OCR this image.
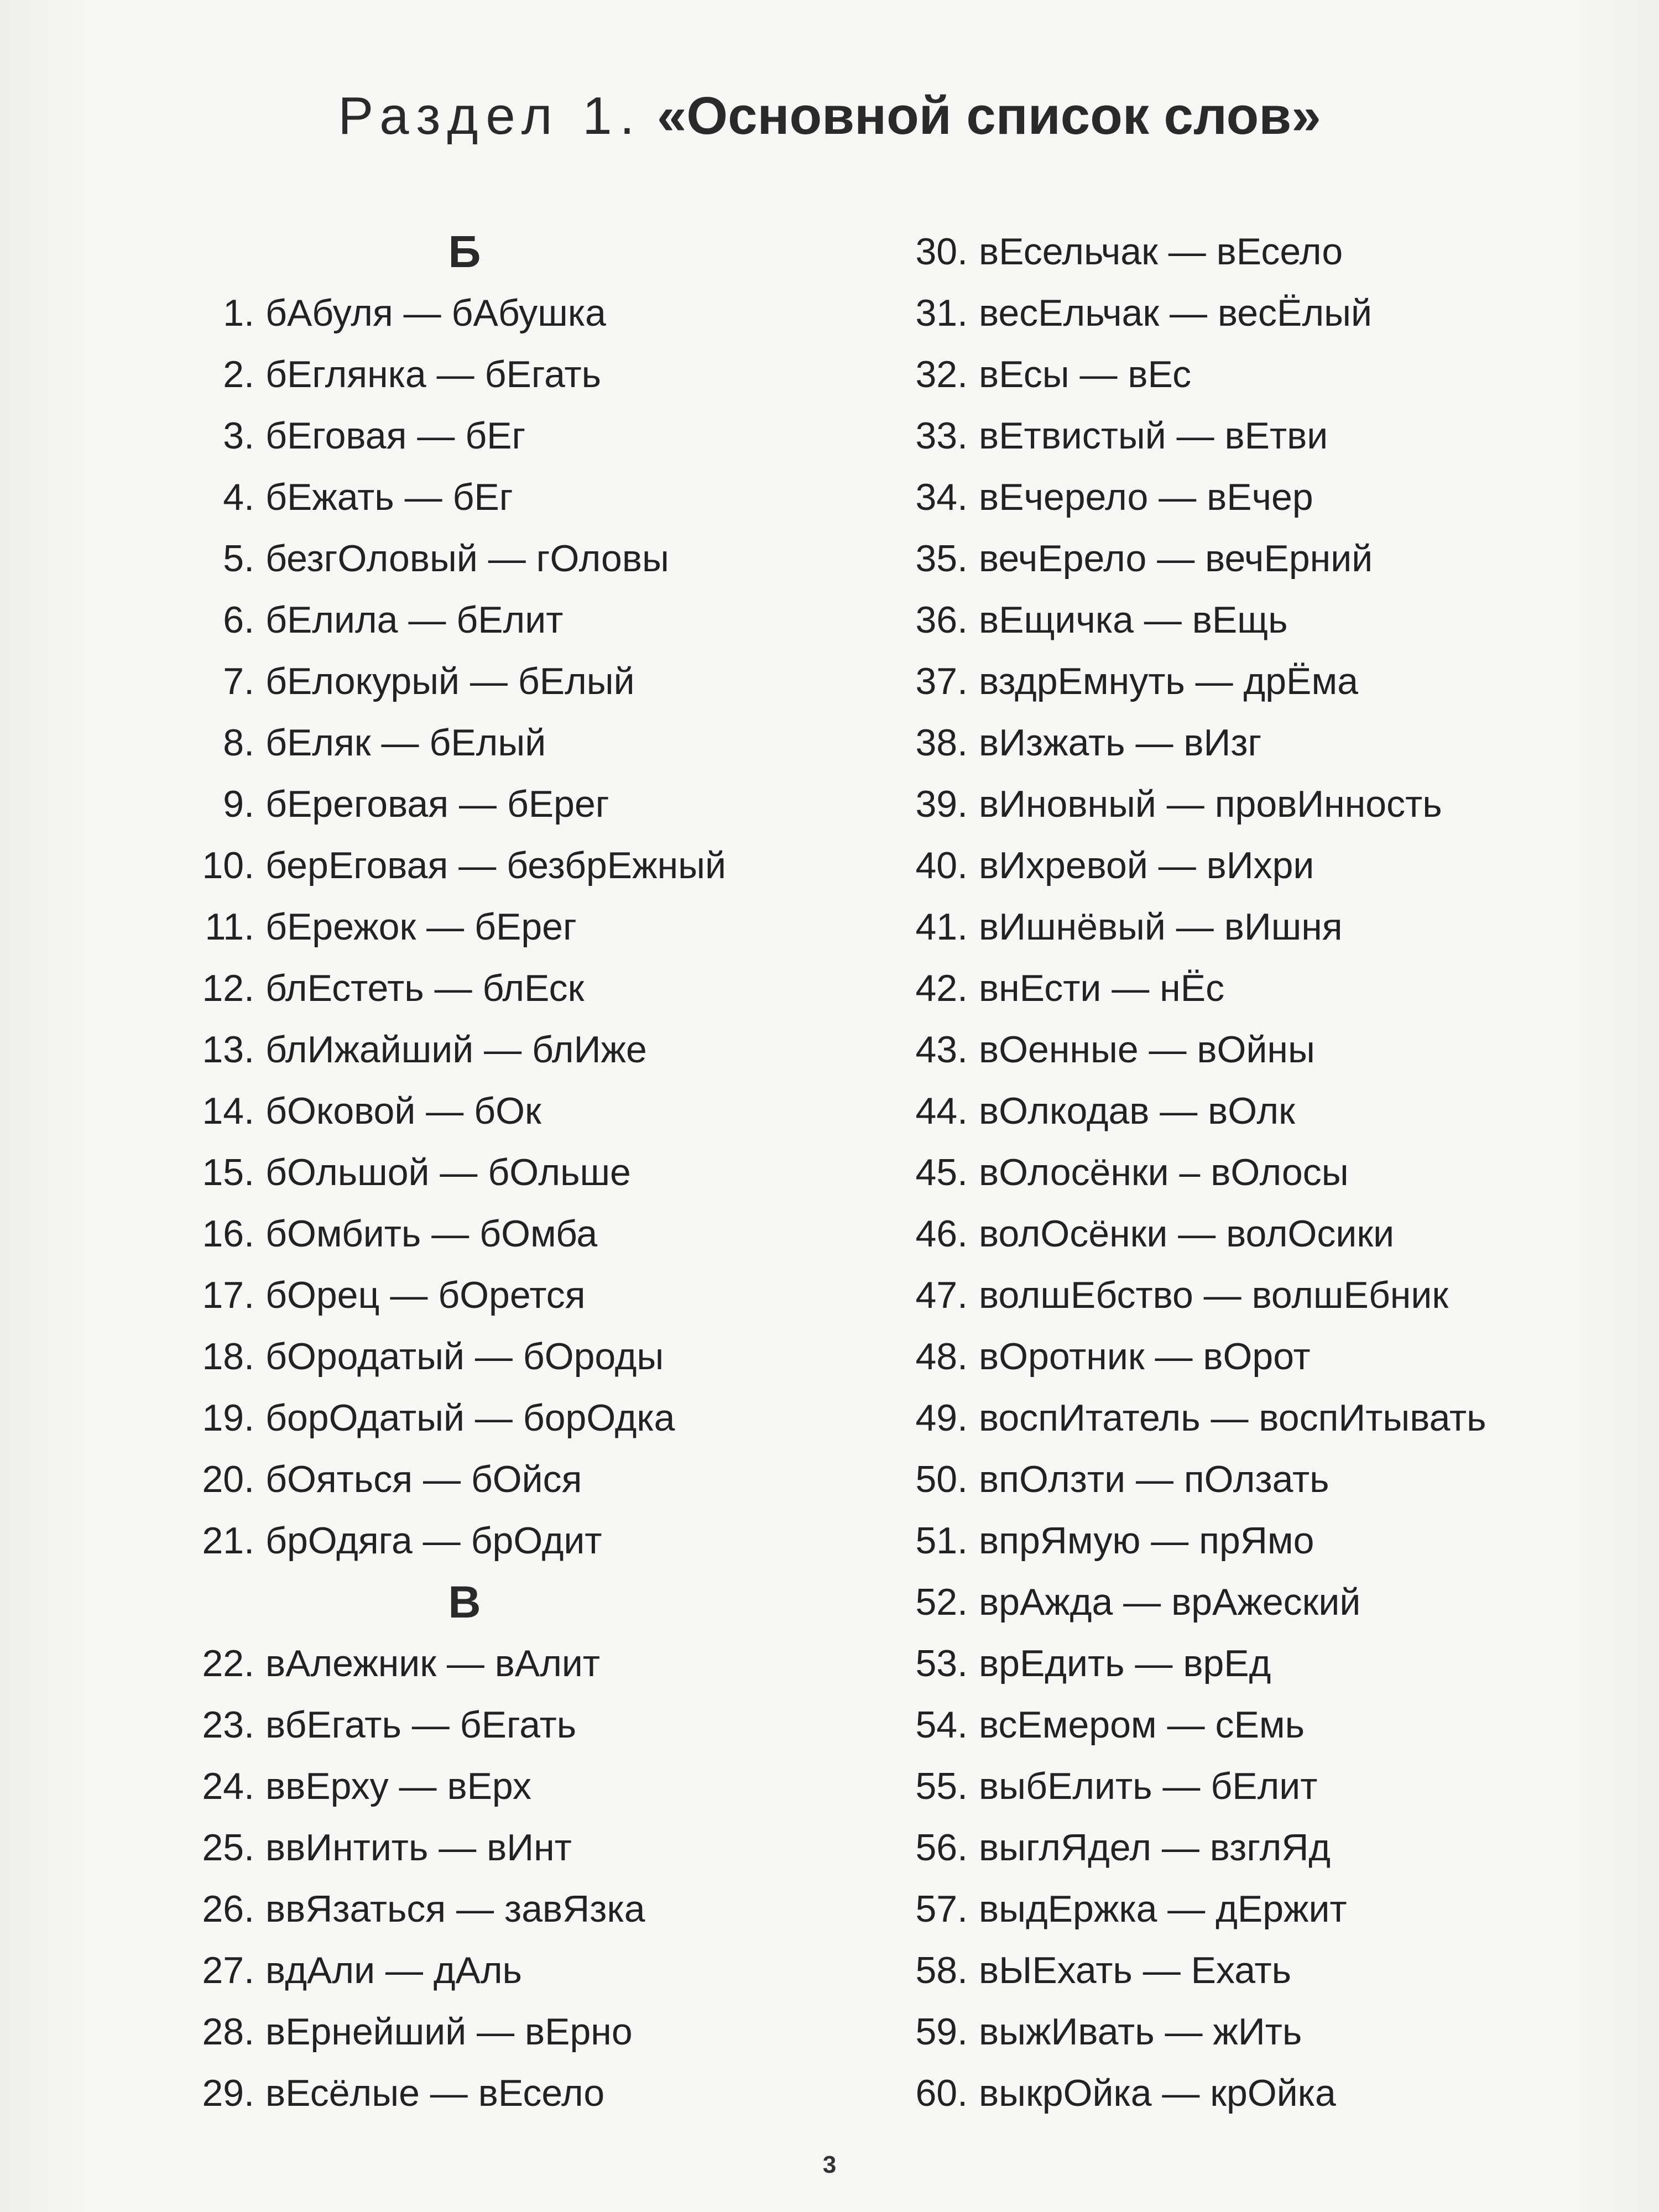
Раздел 1. «Основной список слов»
Б
1. бАбуля — бАбушка
2. бЕглянка — бЕгать
3. бЕговая — бЕг
4. бЕжать — бЕг
5. безгОловый — гОловы
6. бЕлила — бЕлит
7. бЕлокурый — бЕлый
8. бЕляк — бЕлый
9. бЕреговая — бЕрег
10. берЕговая — безбрЕжный
11. бЕрежок — бЕрег
12. блЕстеть — блЕск
13. блИжайший — блИже
14. бОковой — бОк
15. бОльшой — бОльше
16. бОмбить — бОмба
17. бОрец — бОрется
18. бОродатый — бОроды
19. борОдатый — борОдка
20. бОяться — бОйся
21. брОдяга — брОдит
В
22. вАлежник — вАлит
23. вбЕгать — бЕгать
24. ввЕрху — вЕрх
25. ввИнтить — вИнт
26. ввЯзаться — завЯзка
27. вдАли — дАль
28. вЕрнейший — вЕрно
29. вЕсёлые — вЕсело
30. вЕсельчак — вЕсело
31. весЕльчак — весЁлый
32. вЕсы — вЕс
33. вЕтвистый — вЕтви
34. вЕчерело — вЕчер
35. вечЕрело — вечЕрний
36. вЕщичка — вЕщь
37. вздрЕмнуть — дрЁма
38. вИзжать — вИзг
39. вИновный — провИнность
40. вИхревой — вИхри
41. вИшнёвый — вИшня
42. внЕсти — нЁс
43. вОенные — вОйны
44. вОлкодав — вОлк
45. вОлосёнки – вОлосы
46. волОсёнки — волОсики
47. волшЕбство — волшЕбник
48. вОротник — вОрот
49. воспИтатель — воспИтывать
50. впОлзти — пОлзать
51. впрЯмую — прЯмо
52. врАжда — врАжеский
53. врЕдить — врЕд
54. всЕмером — сЕмь
55. выбЕлить — бЕлит
56. выглЯдел — взглЯд
57. выдЕржка — дЕржит
58. вЫЕхать — Ехать
59. выжИвать — жИть
60. выкрОйка — крОйка
3
